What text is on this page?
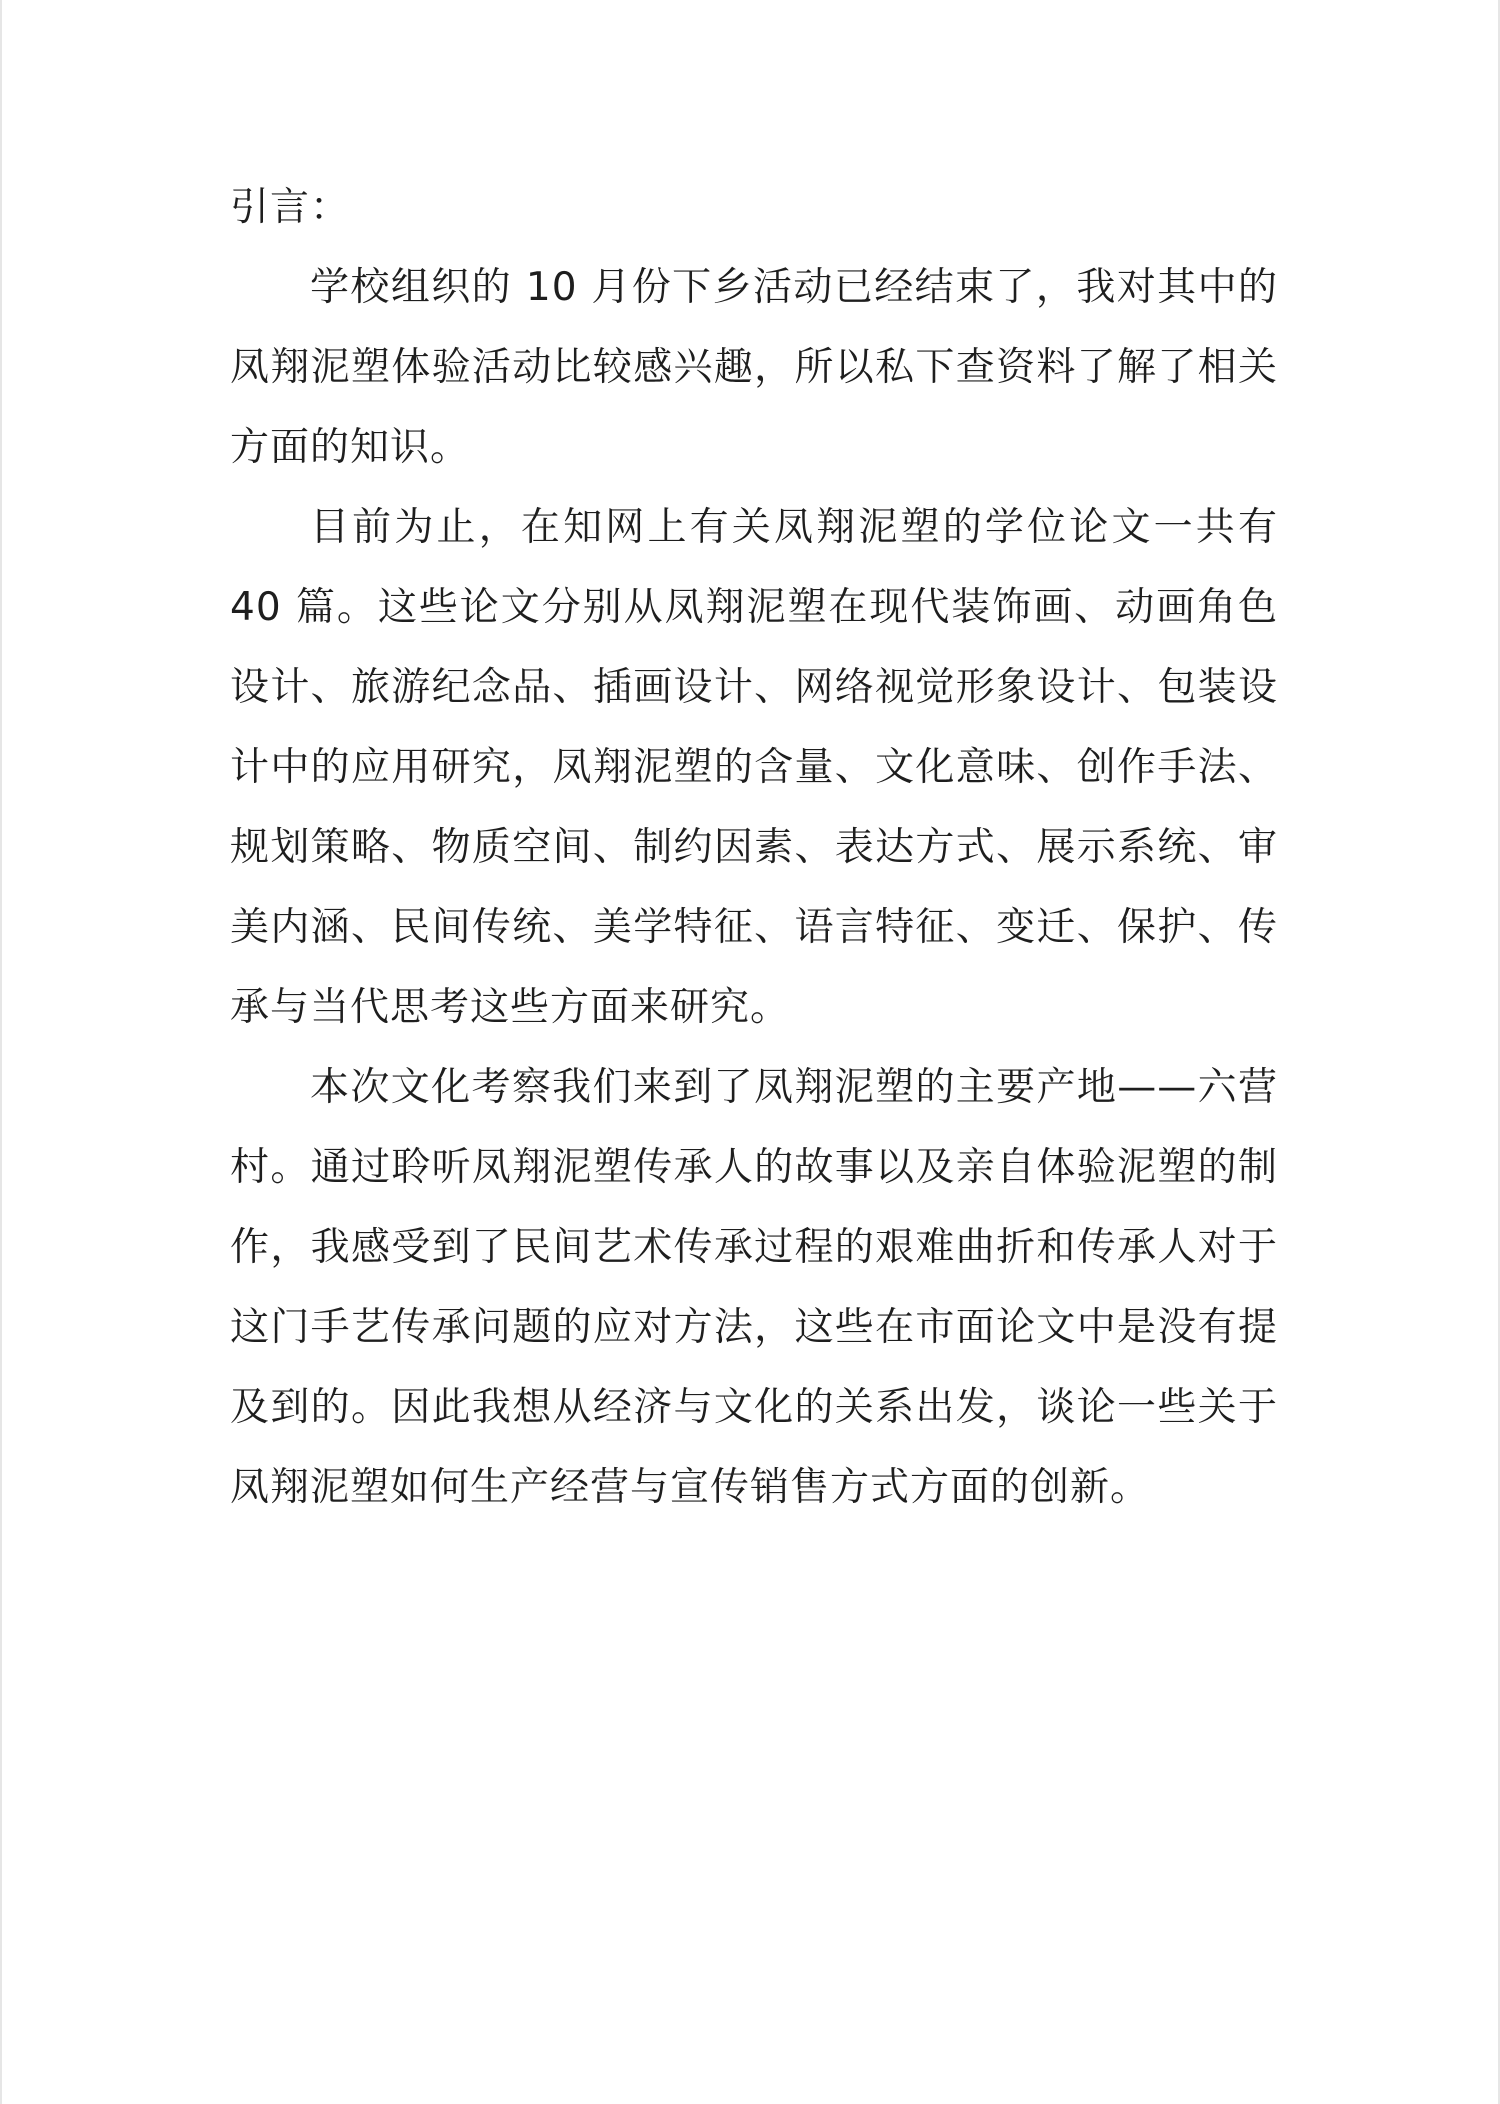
引言：

学校组织的 10 月份下乡活动已经结束了，我对其中的凤翔泥塑体验活动比较感兴趣，所以私下查资料了解了相关方面的知识。

目前为止，在知网上有关凤翔泥塑的学位论文一共有 40 篇。这些论文分别从凤翔泥塑在现代装饰画、动画角色设计、旅游纪念品、插画设计、网络视觉形象设计、包装设计中的应用研究，凤翔泥塑的含量、文化意味、创作手法、规划策略、物质空间、制约因素、表达方式、展示系统、审美内涵、民间传统、美学特征、语言特征、变迁、保护、传承与当代思考这些方面来研究。

本次文化考察我们来到了凤翔泥塑的主要产地——六营村。通过聆听凤翔泥塑传承人的故事以及亲自体验泥塑的制作，我感受到了民间艺术传承过程的艰难曲折和传承人对于这门手艺传承问题的应对方法，这些在市面论文中是没有提及到的。因此我想从经济与文化的关系出发，谈论一些关于凤翔泥塑如何生产经营与宣传销售方式方面的创新。
